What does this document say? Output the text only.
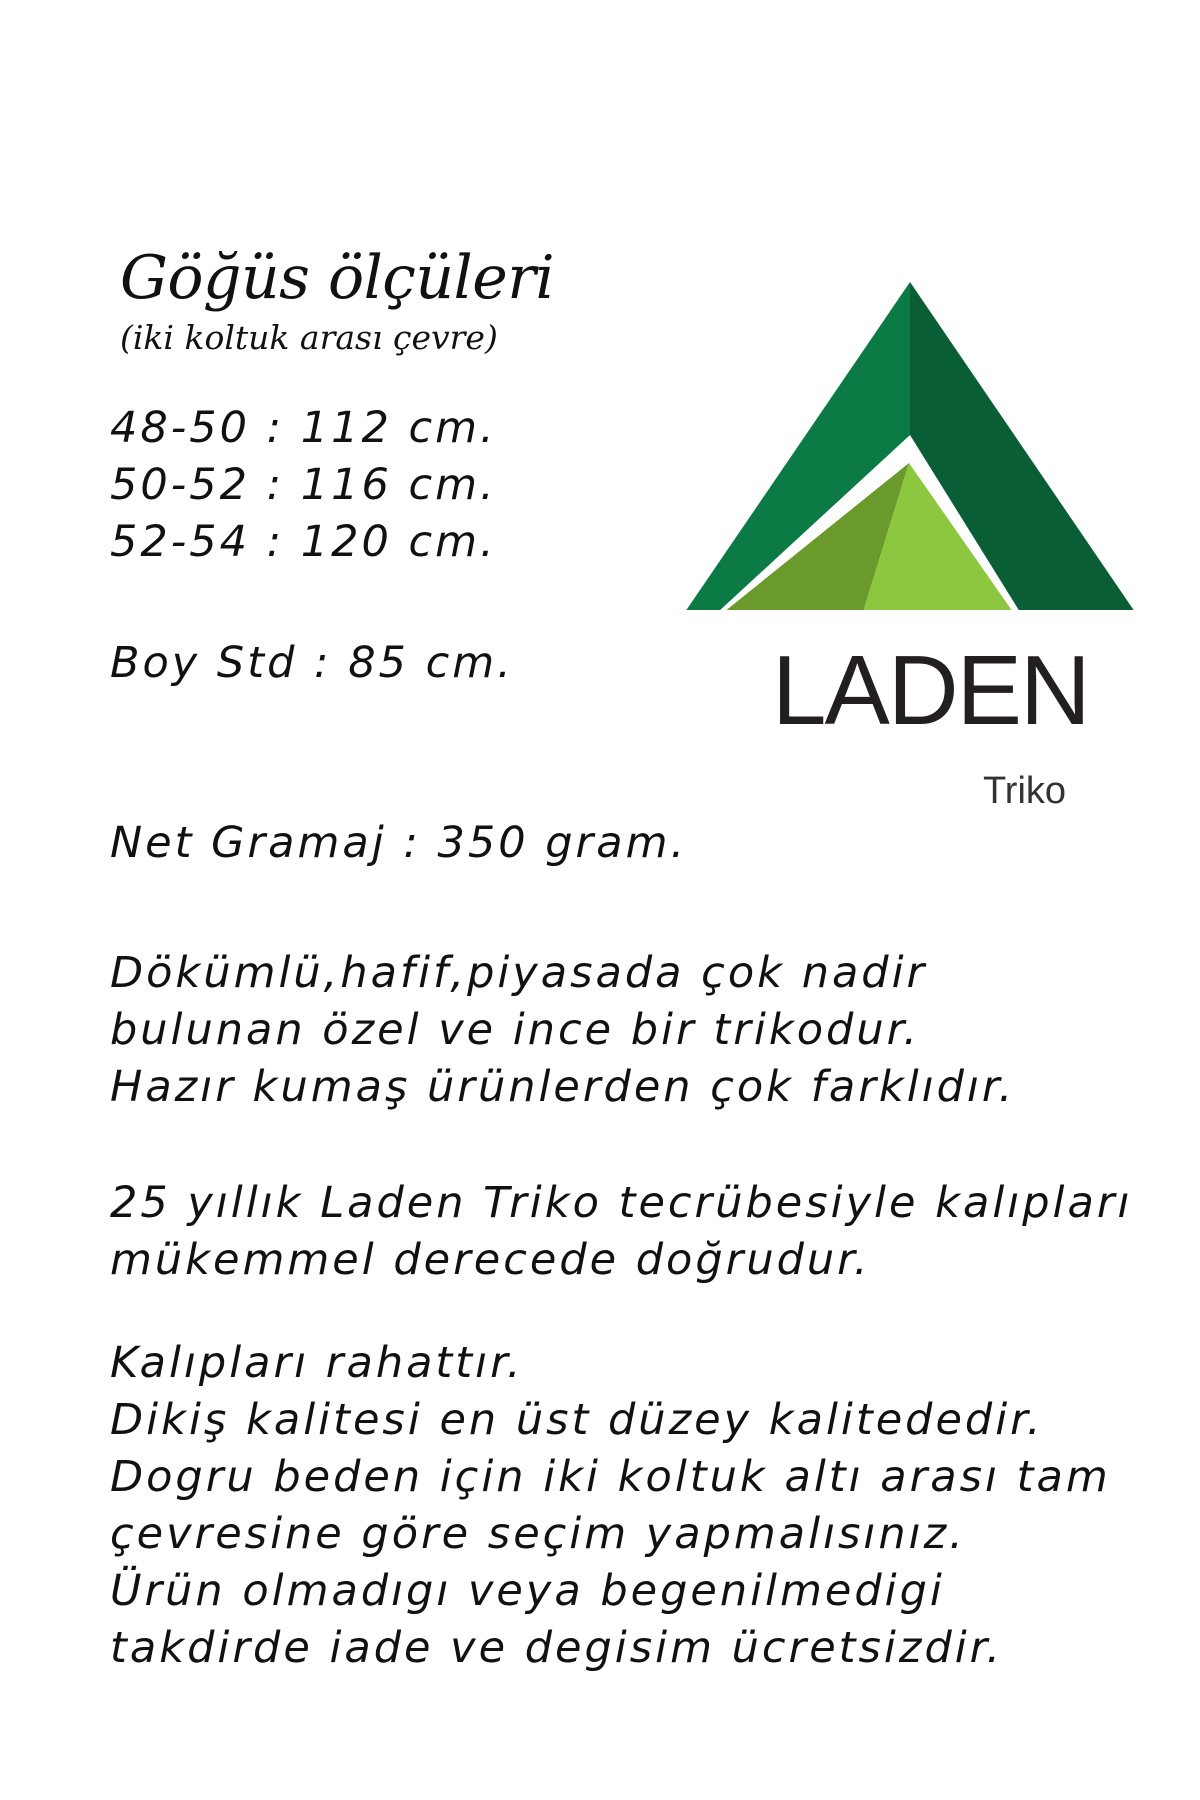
Göğüs ölçüleri
(iki koltuk arası çevre)
48-50 : 112 cm.
50-52 : 116 cm.
52-54 : 120 cm.
Boy Std : 85 cm.
Net Gramaj : 350 gram.
Dökümlü,hafif,piyasada çok nadir
bulunan özel ve ince bir trikodur.
Hazır kumaş ürünlerden çok farklıdır.
25 yıllık Laden Triko tecrübesiyle kalıpları
mükemmel derecede doğrudur.
Kalıpları rahattır.
Dikiş kalitesi en üst düzey kalitededir.
Dogru beden için iki koltuk altı arası tam
çevresine göre seçim yapmalısınız.
Ürün olmadıgı veya begenilmedigi
takdirde iade ve degisim ücretsizdir.
LADEN
Triko
